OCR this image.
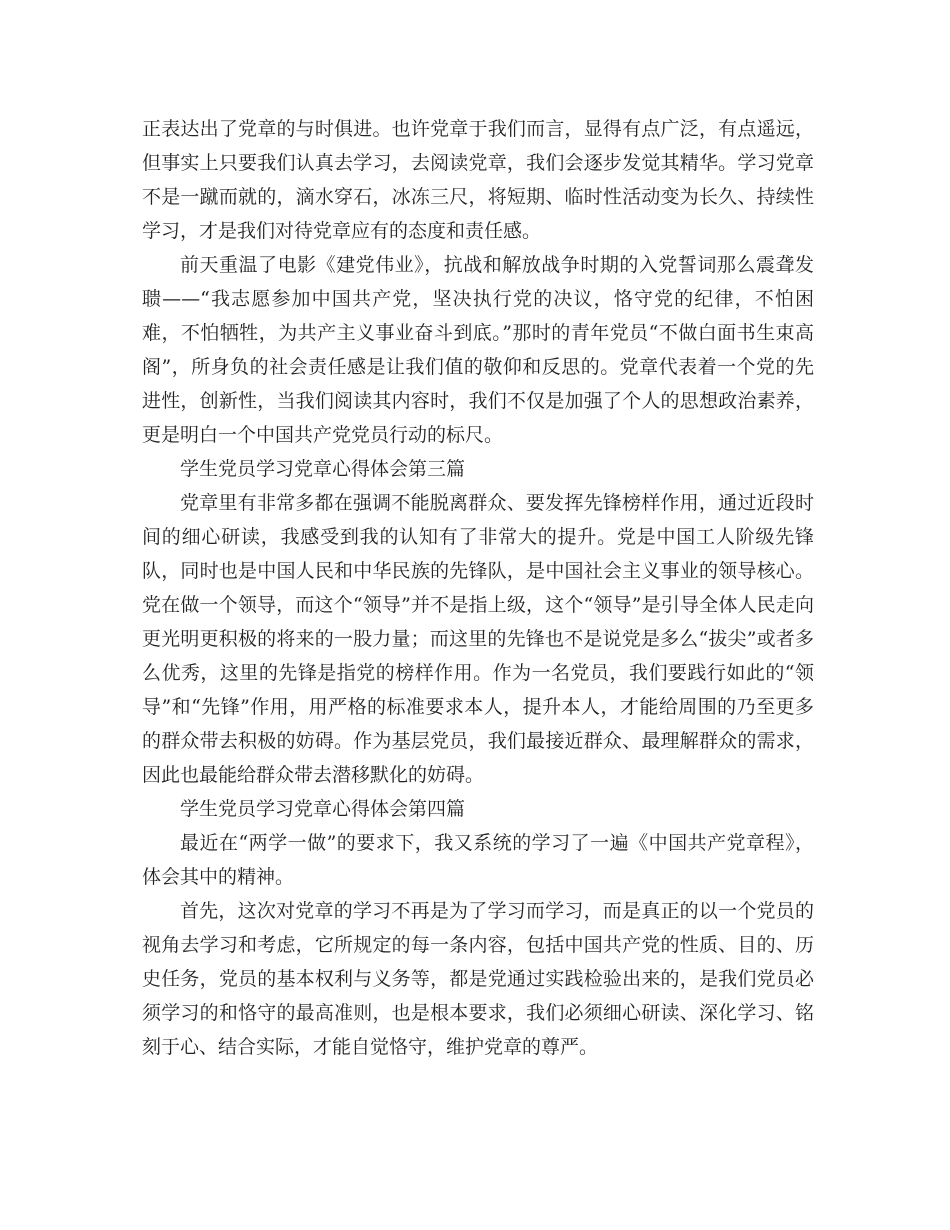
正表达出了党章的与时俱进。也许党章于我们而言，显得有点广泛，有点遥远，但事实上只要我们认真去学习，去阅读党章，我们会逐步发觉其精华。学习党章不是一蹴而就的，滴水穿石，冰冻三尺，将短期、临时性活动变为长久、持续性学习，才是我们对待党章应有的态度和责任感。

前天重温了电影《建党伟业》，抗战和解放战争时期的入党誓词那么震聋发聩——“我志愿参加中国共产党，坚决执行党的决议，恪守党的纪律，不怕困难，不怕牺牲，为共产主义事业奋斗到底。”那时的青年党员“不做白面书生束高阁”，所身负的社会责任感是让我们值的敬仰和反思的。党章代表着一个党的先进性，创新性，当我们阅读其内容时，我们不仅是加强了个人的思想政治素养，更是明白一个中国共产党党员行动的标尺。

学生党员学习党章心得体会第三篇

党章里有非常多都在强调不能脱离群众、要发挥先锋榜样作用，通过近段时间的细心研读，我感受到我的认知有了非常大的提升。党是中国工人阶级先锋队，同时也是中国人民和中华民族的先锋队，是中国社会主义事业的领导核心。党在做一个领导，而这个“领导”并不是指上级，这个“领导”是引导全体人民走向更光明更积极的将来的一股力量；而这里的先锋也不是说党是多么“拔尖”或者多么优秀，这里的先锋是指党的榜样作用。作为一名党员，我们要践行如此的“领导”和“先锋”作用，用严格的标准要求本人，提升本人，才能给周围的乃至更多的群众带去积极的妨碍。作为基层党员，我们最接近群众、最理解群众的需求，因此也最能给群众带去潜移默化的妨碍。

学生党员学习党章心得体会第四篇

最近在“两学一做”的要求下，我又系统的学习了一遍《中国共产党章程》，体会其中的精神。

首先，这次对党章的学习不再是为了学习而学习，而是真正的以一个党员的视角去学习和考虑，它所规定的每一条内容，包括中国共产党的性质、目的、历史任务，党员的基本权利与义务等，都是党通过实践检验出来的，是我们党员必须学习的和恪守的最高准则，也是根本要求，我们必须细心研读、深化学习、铭刻于心、结合实际，才能自觉恪守，维护党章的尊严。
